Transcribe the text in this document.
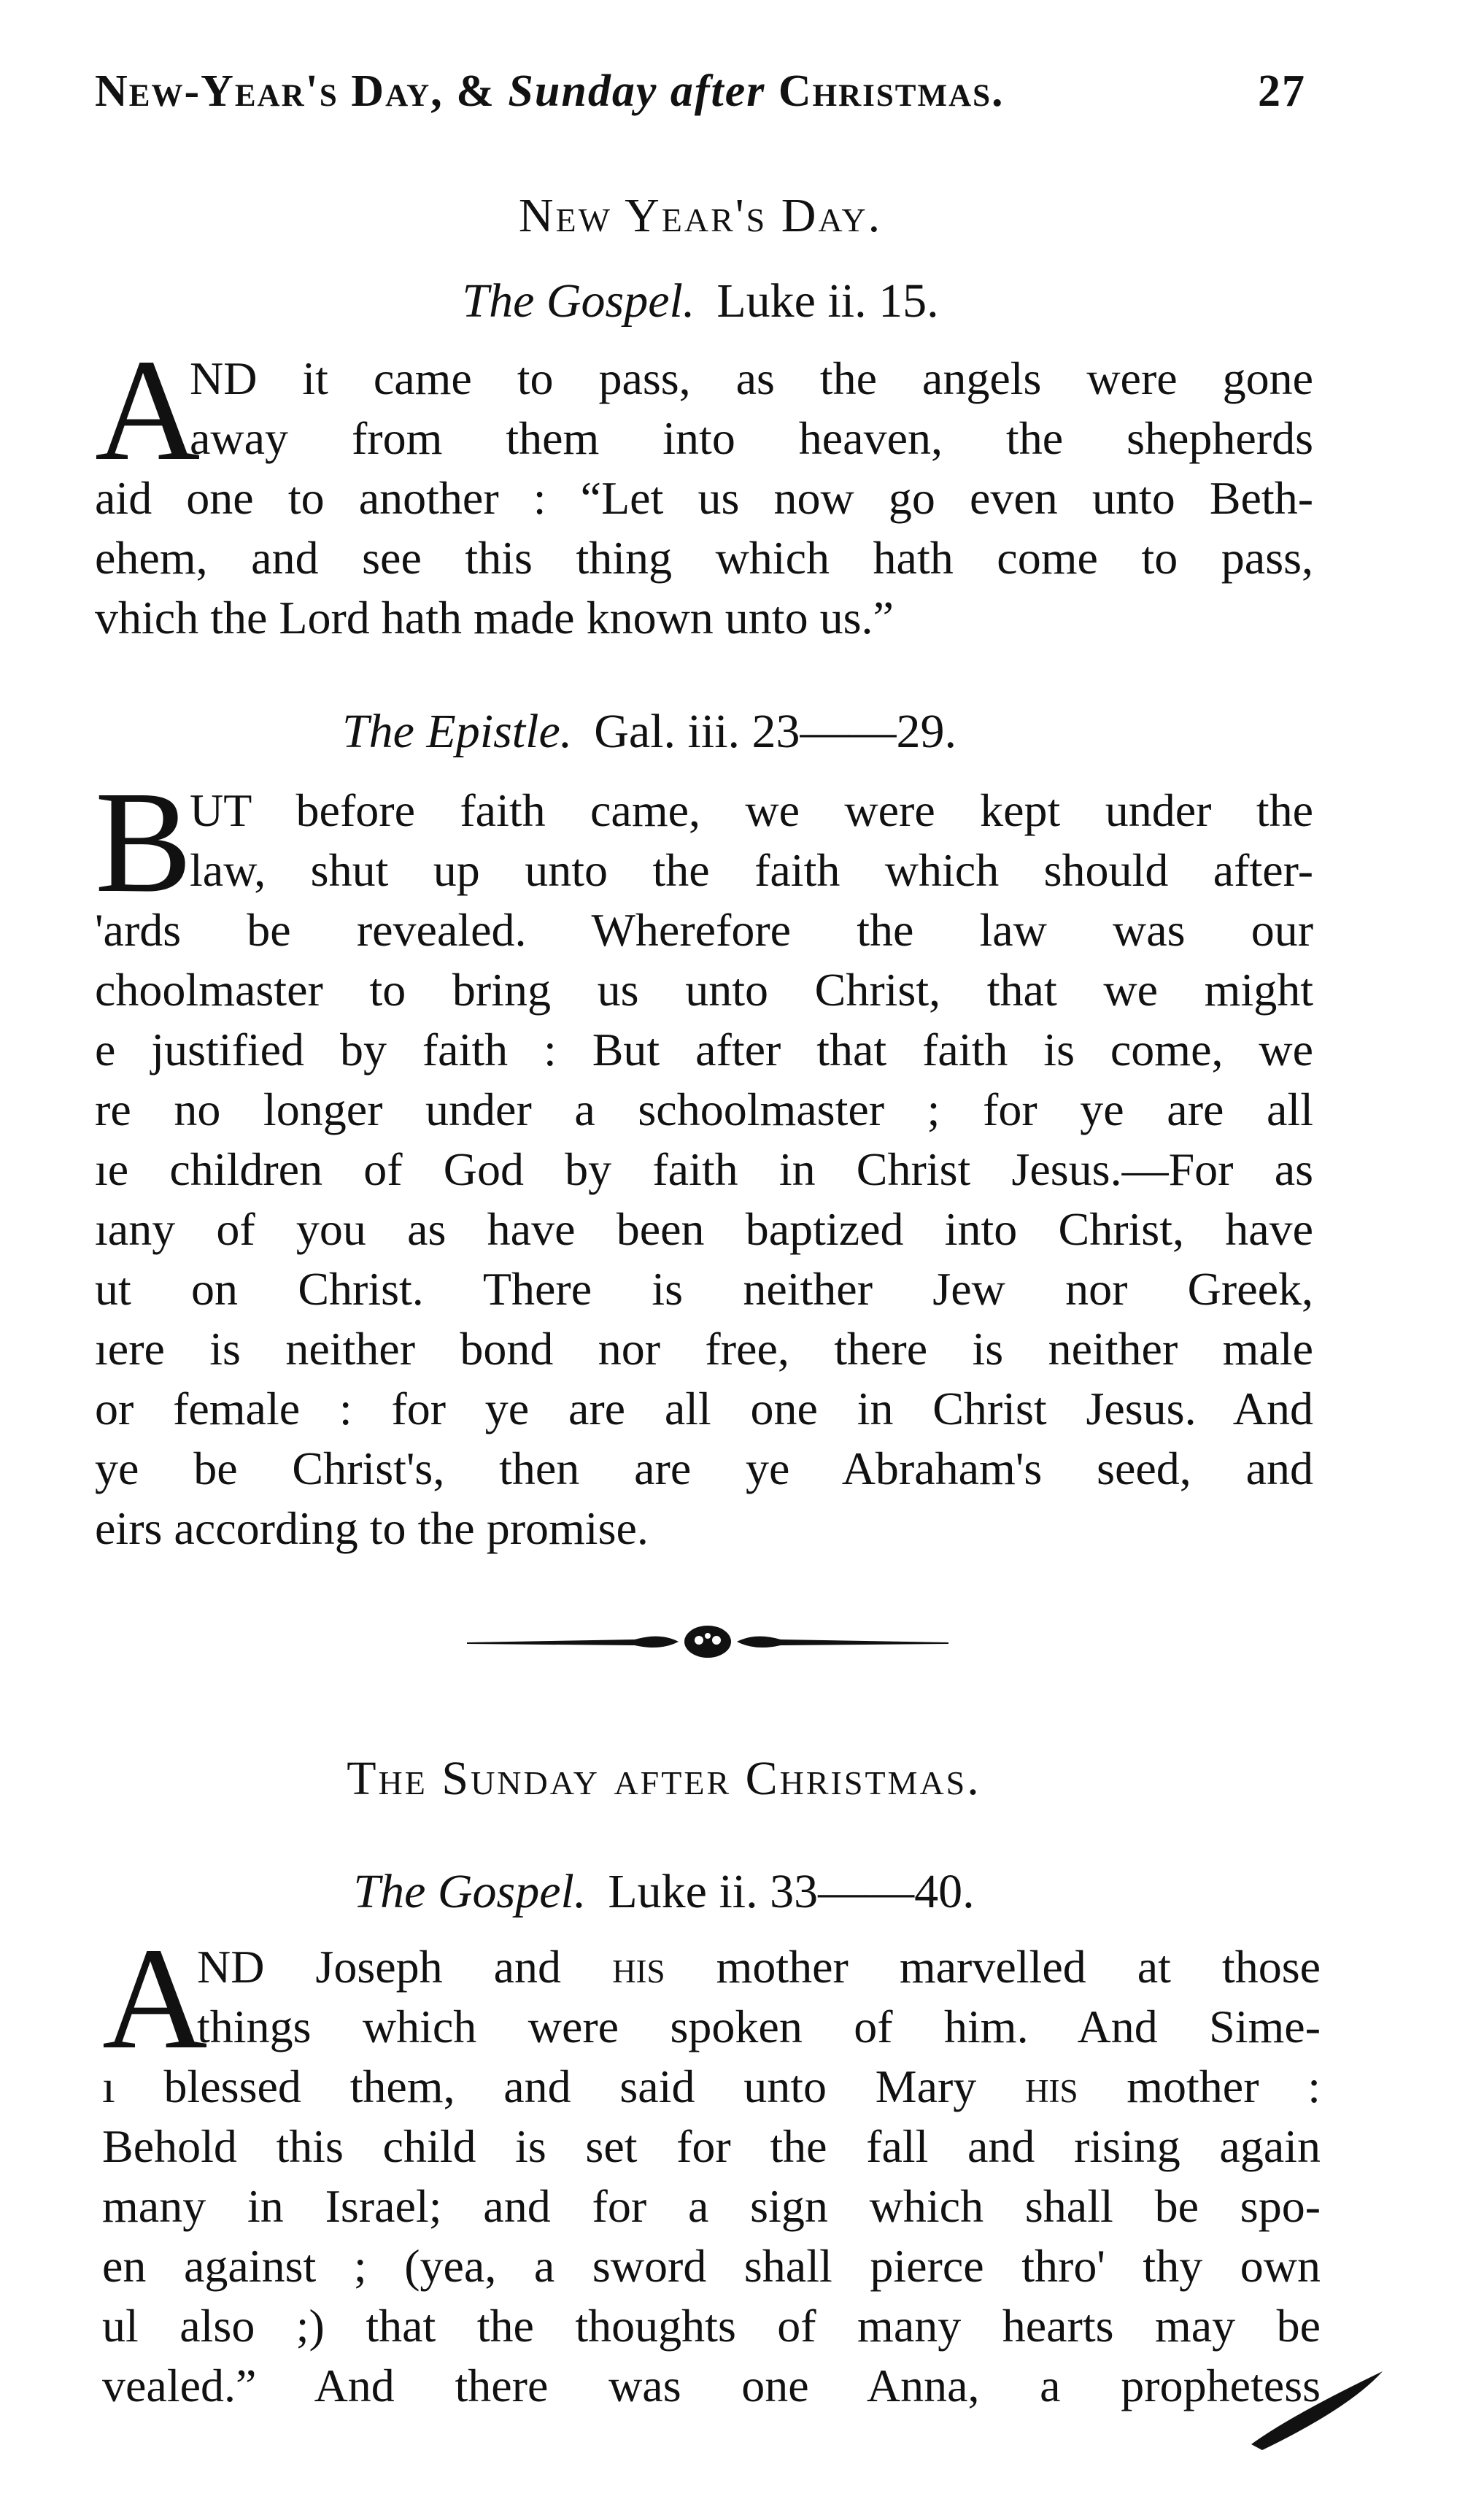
New-Year's Day, & Sunday after Christmas.	27
New Year's Day.
The Gospel. Luke ii. 15.
A
ND it came to pass, as the angels were gone
away from them into heaven, the shepherds
aid one to another : “Let us now go even unto Beth-
ehem, and see this thing which hath come to pass,
vhich the Lord hath made known unto us.”
The Epistle. Gal. iii. 23——29.
B
UT before faith came, we were kept under the
law, shut up unto the faith which should after-
'ards be revealed. Wherefore the law was our
choolmaster to bring us unto Christ, that we might
e justified by faith : But after that faith is come, we
re no longer under a schoolmaster ; for ye are all
ıe children of God by faith in Christ Jesus.—For as
ıany of you as have been baptized into Christ, have
ut on Christ. There is neither Jew nor Greek,
ıere is neither bond nor free, there is neither male
or female : for ye are all one in Christ Jesus. And
ye be Christ's, then are ye Abraham's seed, and
eirs according to the promise.
The Sunday after Christmas.
The Gospel. Luke ii. 33——40.
A
ND Joseph and his mother marvelled at those
things which were spoken of him. And Sime-
ı blessed them, and said unto Mary his mother :
Behold this child is set for the fall and rising again
many in Israel; and for a sign which shall be spo-
en against ; (yea, a sword shall pierce thro' thy own
ul also ;) that the thoughts of many hearts may be
vealed.” And there was one Anna, a prophetess
